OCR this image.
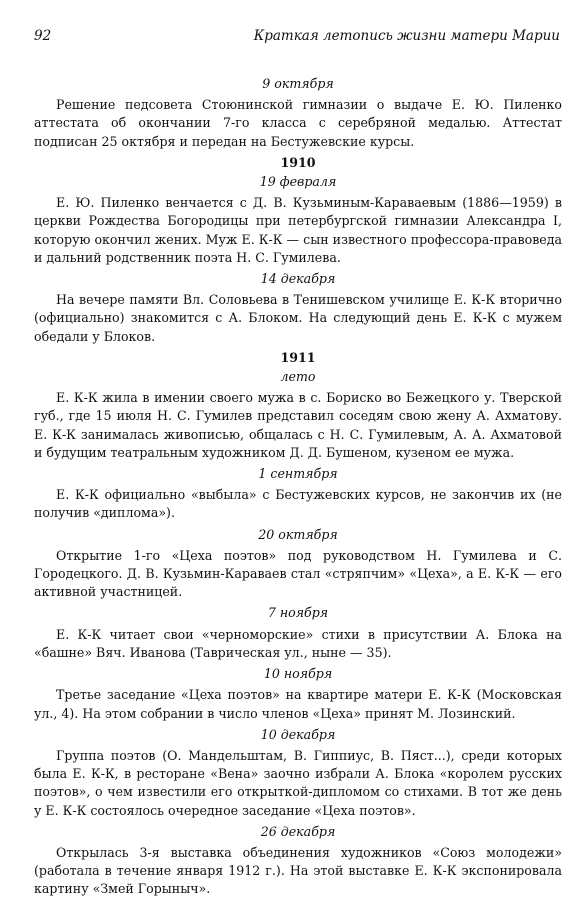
92	Краткая летопись жизни матери Марии
9 октября

Решение педсовета Стоюнинской гимназии о выдаче Е. Ю. Пиленко аттестата об окончании 7-го класса с серебряной медалью. Аттестат подписан 25 октября и передан на Бестужевские курсы.

1910
19 февраля

Е. Ю. Пиленко венчается с Д. В. Кузьминым-Караваевым (1886—1959) в церкви Рождества Богородицы при петербургской гимназии Александра I, которую окончил жених. Муж Е. К-К — сын известного профессора-правоведа и дальний родственник поэта Н. С. Гумилева.

14 декабря

На вечере памяти Вл. Соловьева в Тенишевском училище Е. К-К вторично (официально) знакомится с А. Блоком. На следующий день Е. К-К с мужем обедали у Блоков.

1911
лето

Е. К-К жила в имении своего мужа в с. Бориско во Бежецкого у. Тверской губ., где 15 июля Н. С. Гумилев представил соседям свою жену А. Ахматову. Е. К-К занималась живописью, общалась с Н. С. Гумилевым, А. А. Ахматовой и будущим театральным художником Д. Д. Бушеном, кузеном ее мужа.

1 сентября

Е. К-К официально «выбыла» с Бестужевских курсов, не закончив их (не получив «диплома»).

20 октября

Открытие 1-го «Цеха поэтов» под руководством Н. Гумилева и С. Городецкого. Д. В. Кузьмин-Караваев стал «стряпчим» «Цеха», а Е. К-К — его активной участницей.

7 ноября

Е. К-К читает свои «черноморские» стихи в присутствии А. Блока на «башне» Вяч. Иванова (Таврическая ул., ныне — 35).

10 ноября

Третье заседание «Цеха поэтов» на квартире матери Е. К-К (Московская ул., 4). На этом собрании в число членов «Цеха» принят М. Лозинский.

10 декабря

Группа поэтов (О. Мандельштам, В. Гиппиус, В. Пяст...), среди которых была Е. К-К, в ресторане «Вена» заочно избрали А. Блока «королем русских поэтов», о чем известили его открыткой-дипломом со стихами. В тот же день у Е. К-К состоялось очередное заседание «Цеха поэтов».

26 декабря

Открылась 3-я выставка объединения художников «Союз молодежи» (работала в течение января 1912 г.). На этой выставке Е. К-К экспонировала картину «Змей Горыныч».
